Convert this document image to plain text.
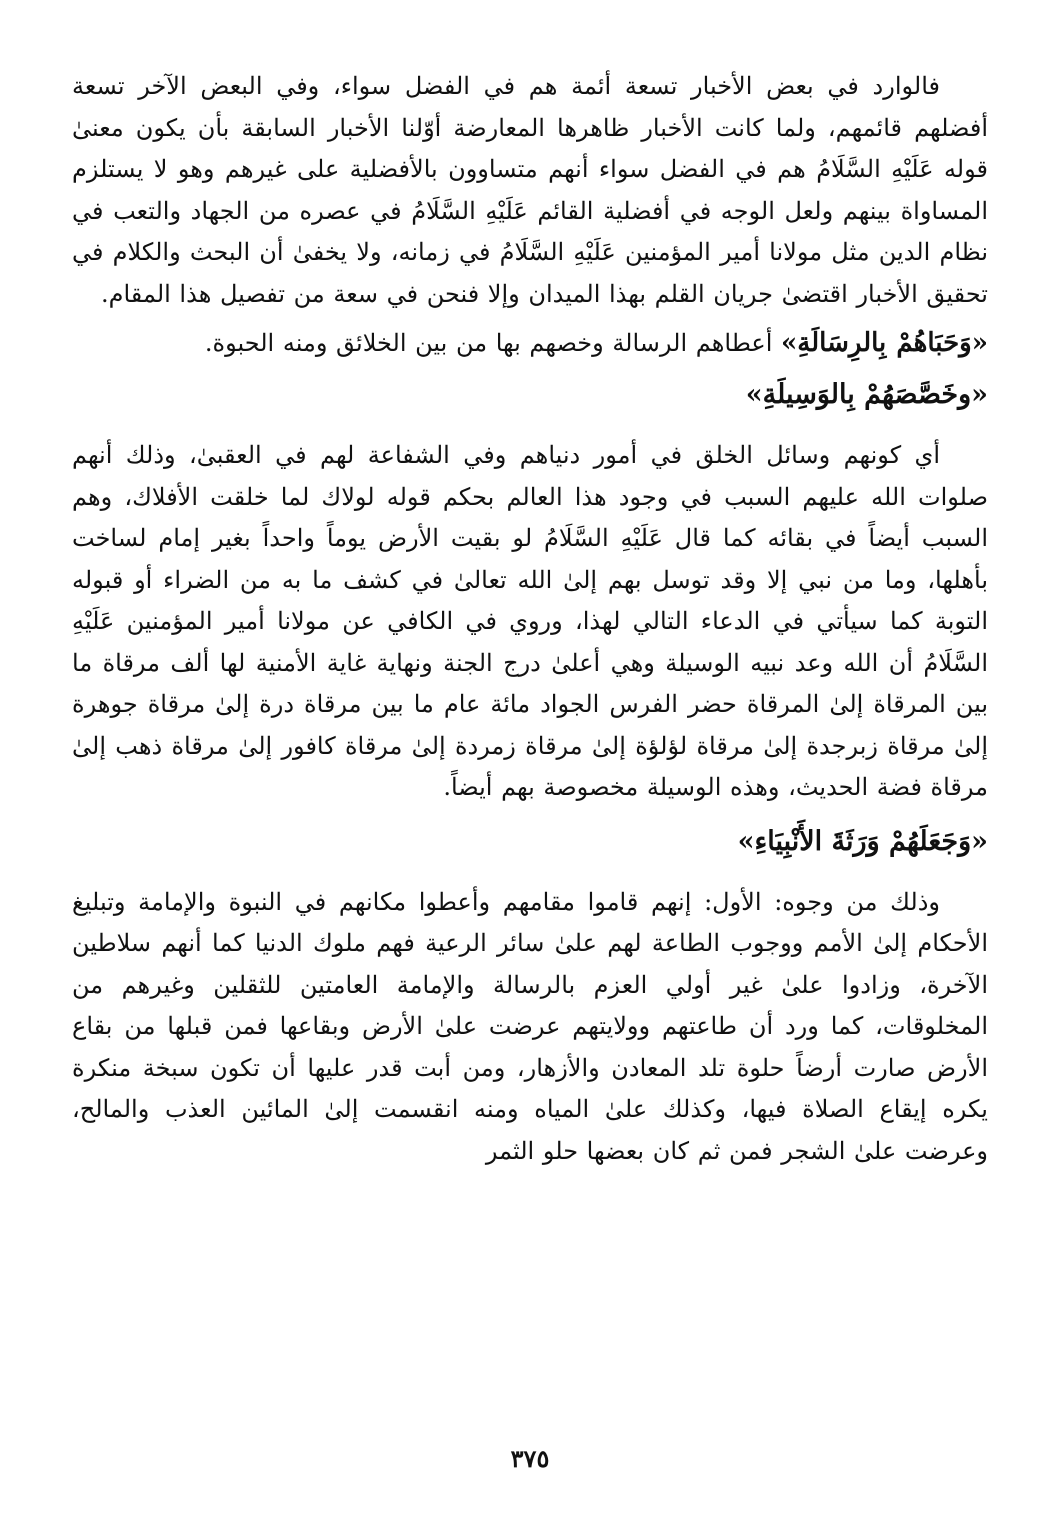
فالوارد في بعض الأخبار تسعة أئمة هم في الفضل سواء، وفي البعض الآخر تسعة أفضلهم قائمهم، ولما كانت الأخبار ظاهرها المعارضة أوّلنا الأخبار السابقة بأن يكون معنىٰ قوله عَلَيْهِ السَّلَامُ هم في الفضل سواء أنهم متساوون بالأفضلية على غيرهم وهو لا يستلزم المساواة بينهم ولعل الوجه في أفضلية القائم عَلَيْهِ السَّلَامُ في عصره من الجهاد والتعب في نظام الدين مثل مولانا أمير المؤمنين عَلَيْهِ السَّلَامُ في زمانه، ولا يخفىٰ أن البحث والكلام في تحقيق الأخبار اقتضىٰ جريان القلم بهذا الميدان وإلا فنحن في سعة من تفصيل هذا المقام.

«وَحَبَاهُمْ بِالرِسَالَةِ» أعطاهم الرسالة وخصهم بها من بين الخلائق ومنه الحبوة.

«وخَصَّصَهُمْ بِالوَسِيلَةِ»

أي كونهم وسائل الخلق في أمور دنياهم وفي الشفاعة لهم في العقبىٰ، وذلك أنهم صلوات الله عليهم السبب في وجود هذا العالم بحكم قوله لولاك لما خلقت الأفلاك، وهم السبب أيضاً في بقائه كما قال عَلَيْهِ السَّلَامُ لو بقيت الأرض يوماً واحداً بغير إمام لساخت بأهلها، وما من نبي إلا وقد توسل بهم إلىٰ الله تعالىٰ في كشف ما به من الضراء أو قبوله التوبة كما سيأتي في الدعاء التالي لهذا، وروي في الكافي عن مولانا أمير المؤمنين عَلَيْهِ السَّلَامُ أن الله وعد نبيه الوسيلة وهي أعلىٰ درج الجنة ونهاية غاية الأمنية لها ألف مرقاة ما بين المرقاة إلىٰ المرقاة حضر الفرس الجواد مائة عام ما بين مرقاة درة إلىٰ مرقاة جوهرة إلىٰ مرقاة زبرجدة إلىٰ مرقاة لؤلؤة إلىٰ مرقاة زمردة إلىٰ مرقاة كافور إلىٰ مرقاة ذهب إلىٰ مرقاة فضة الحديث، وهذه الوسيلة مخصوصة بهم أيضاً.

«وَجَعَلَهُمْ وَرَثَةَ الأَنْبِيَاءِ»

وذلك من وجوه: الأول: إنهم قاموا مقامهم وأعطوا مكانهم في النبوة والإمامة وتبليغ الأحكام إلىٰ الأمم ووجوب الطاعة لهم علىٰ سائر الرعية فهم ملوك الدنيا كما أنهم سلاطين الآخرة، وزادوا علىٰ غير أولي العزم بالرسالة والإمامة العامتين للثقلين وغيرهم من المخلوقات، كما ورد أن طاعتهم وولايتهم عرضت علىٰ الأرض وبقاعها فمن قبلها من بقاع الأرض صارت أرضاً حلوة تلد المعادن والأزهار، ومن أبت قدر عليها أن تكون سبخة منكرة يكره إيقاع الصلاة فيها، وكذلك علىٰ المياه ومنه انقسمت إلىٰ المائين العذب والمالح، وعرضت علىٰ الشجر فمن ثم كان بعضها حلو الثمر

٣٧٥
